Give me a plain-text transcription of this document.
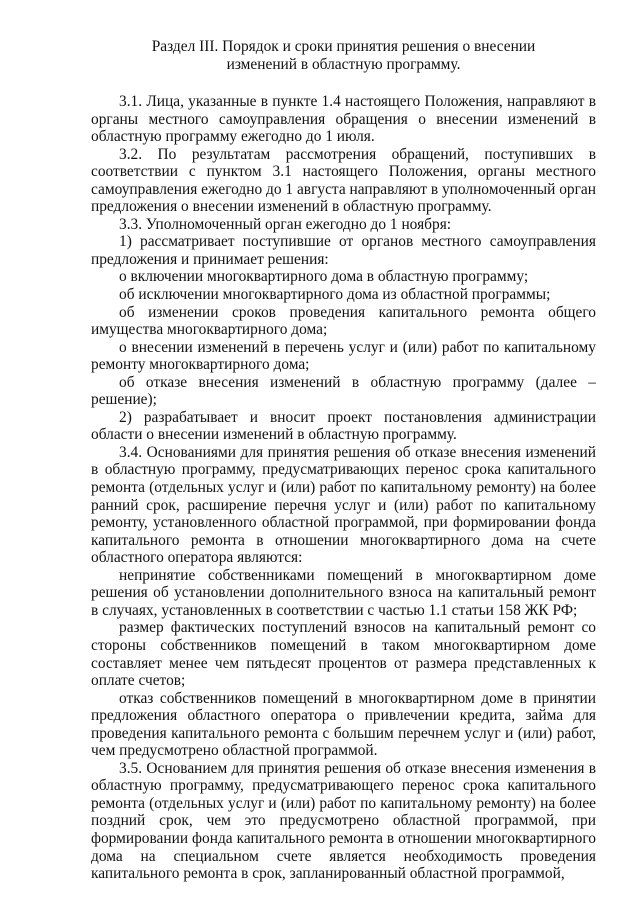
Раздел III. Порядок и сроки принятия решения о внесении
изменений в областную программу.

3.1. Лица, указанные в пункте 1.4 настоящего Положения, направляют в органы местного самоуправления обращения о внесении изменений в областную программу ежегодно до 1 июля.

3.2. По результатам рассмотрения обращений, поступивших в соответствии с пунктом 3.1 настоящего Положения, органы местного самоуправления ежегодно до 1 августа направляют в уполномоченный орган предложения о внесении изменений в областную программу.

3.3. Уполномоченный орган ежегодно до 1 ноября:

1) рассматривает поступившие от органов местного самоуправления предложения и принимает решения:

о включении многоквартирного дома в областную программу;

об исключении многоквартирного дома из областной программы;

об изменении сроков проведения капитального ремонта общего имущества многоквартирного дома;

о внесении изменений в перечень услуг и (или) работ по капитальному ремонту многоквартирного дома;

об отказе внесения изменений в областную программу (далее – решение);

2) разрабатывает и вносит проект постановления администрации области о внесении изменений в областную программу.

3.4. Основаниями для принятия решения об отказе внесения изменений в областную программу, предусматривающих перенос срока капитального ремонта (отдельных услуг и (или) работ по капитальному ремонту) на более ранний срок, расширение перечня услуг и (или) работ по капитальному ремонту, установленного областной программой, при формировании фонда капитального ремонта в отношении многоквартирного дома на счете областного оператора являются:

непринятие собственниками помещений в многоквартирном доме решения об установлении дополнительного взноса на капитальный ремонт в случаях, установленных в соответствии с частью 1.1 статьи 158 ЖК РФ;

размер фактических поступлений взносов на капитальный ремонт со стороны собственников помещений в таком многоквартирном доме составляет менее чем пятьдесят процентов от размера представленных к оплате счетов;

отказ собственников помещений в многоквартирном доме в принятии предложения областного оператора о привлечении кредита, займа для проведения капитального ремонта с большим перечнем услуг и (или) работ, чем предусмотрено областной программой.

3.5. Основанием для принятия решения об отказе внесения изменения в областную программу, предусматривающего перенос срока капитального ремонта (отдельных услуг и (или) работ по капитальному ремонту) на более поздний срок, чем это предусмотрено областной программой, при формировании фонда капитального ремонта в отношении многоквартирного дома на специальном счете является необходимость проведения капитального ремонта в срок, запланированный областной программой,
